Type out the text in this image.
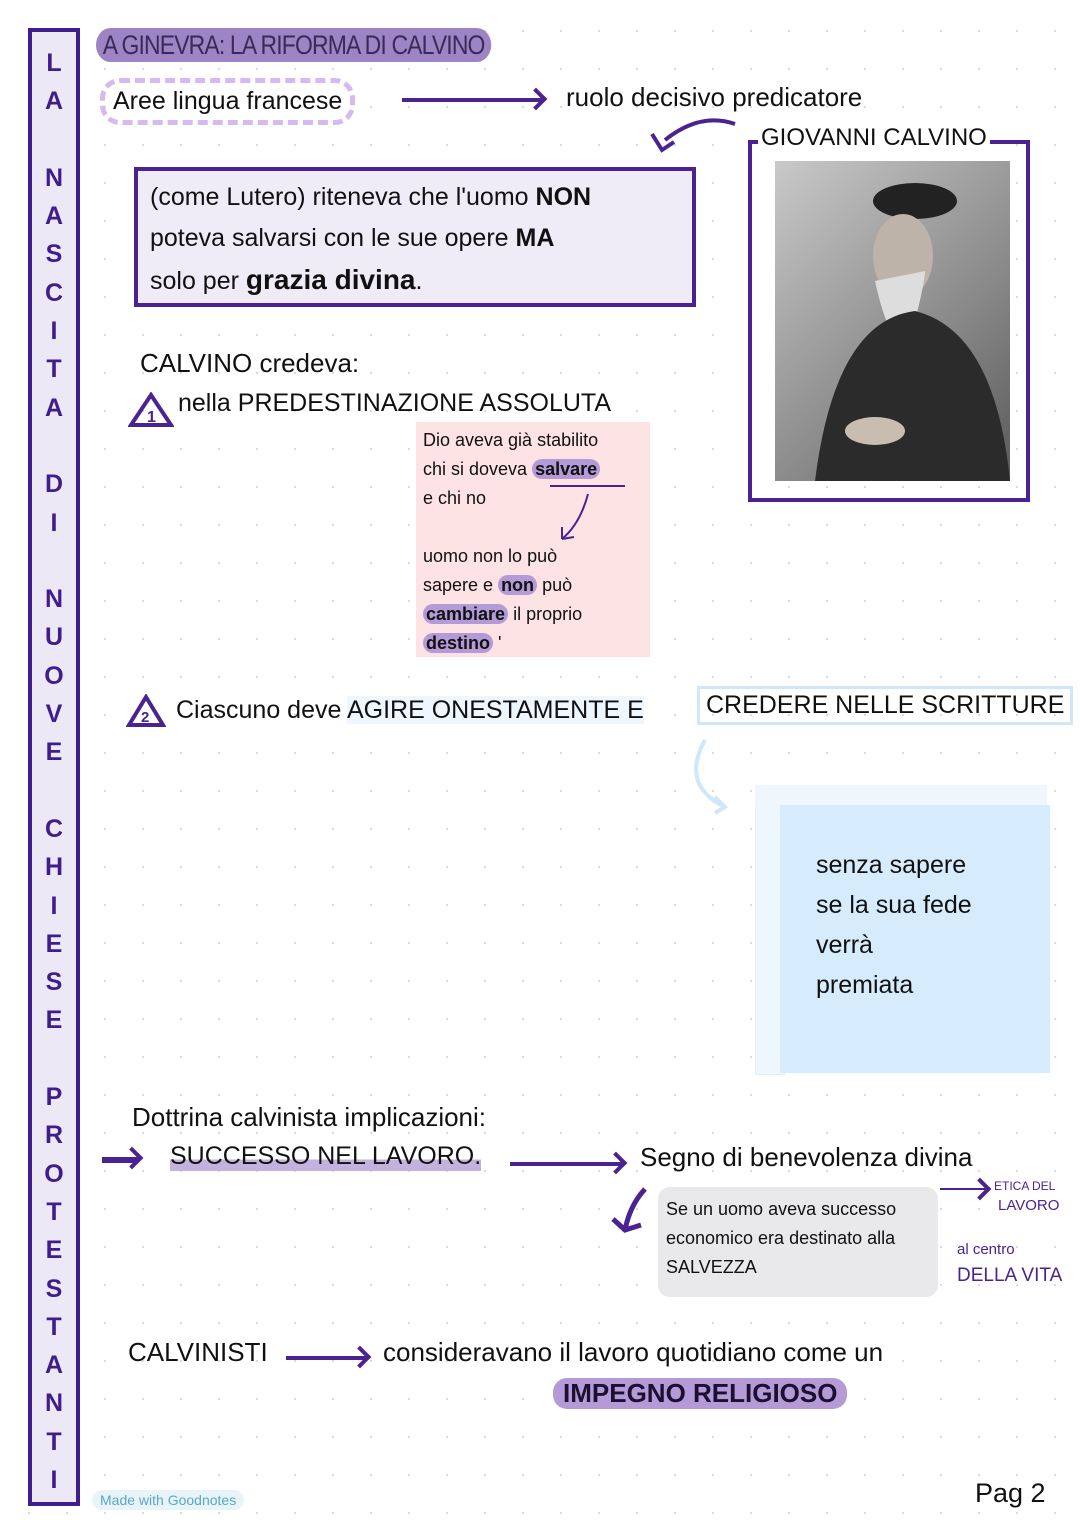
L
A

N
A
S
C
I
T
A

D
I

N
U
O
V
E

C
H
I
E
S
E

P
R
O
T
E
S
T
A
N
T
I
A GINEVRA: LA RIFORMA DI CALVINO
Aree lingua francese	ruolo decisivo predicatore
(come Lutero) riteneva che l'uomo NON
poteva salvarsi con le sue opere MA
solo per grazia divina.
GIOVANNI CALVINO
CALVINO credeva:
1
nella PREDESTINAZIONE ASSOLUTA
Dio aveva già stabilito
chi si doveva salvare
e chi no
uomo non lo può
sapere e non può
cambiare il proprio
destino '
2 Ciascuno deve AGIRE ONESTAMENTE E	CREDERE NELLE SCRITTURE
senza sapere
se la sua fede
verrà
premiata
Dottrina calvinista implicazioni:
SUCCESSO NEL LAVORO.	Segno di benevolenza divina
Se un uomo aveva successo economico era destinato alla SALVEZZA
ETICA DEL
LAVORO
al centro
DELLA VITA
CALVINISTI	consideravano il lavoro quotidiano come un
IMPEGNO RELIGIOSO
Pag 2
Made with Goodnotes
